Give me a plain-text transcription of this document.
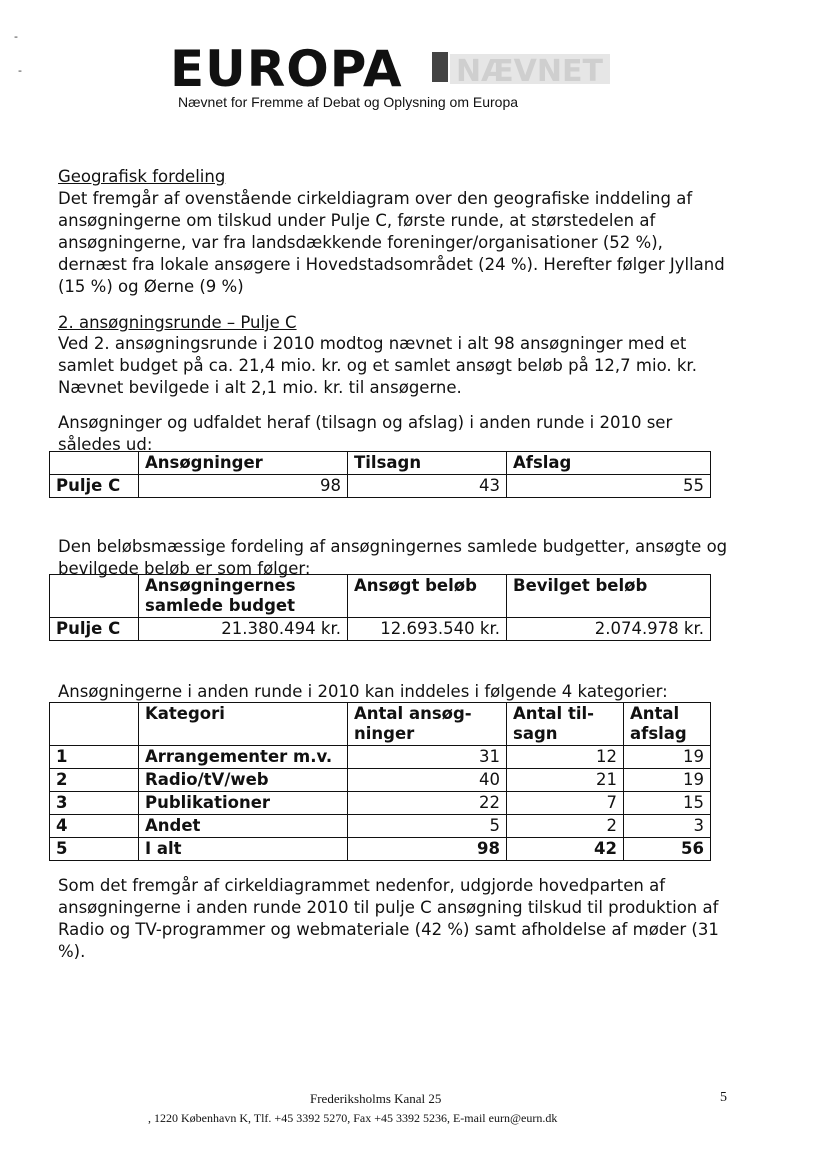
-
-	EUROPA NÆVNET
Nævnet for Fremme af Debat og Oplysning om Europa
Geografisk fordeling
Det fremgår af ovenstående cirkeldiagram over den geografiske inddeling af ansøgningerne om tilskud under Pulje C, første runde, at størstedelen af ansøgningerne, var fra landsdækkende foreninger/organisationer (52 %), dernæst fra lokale ansøgere i Hovedstadsområdet (24 %). Herefter følger Jylland (15 %) og Øerne (9 %)
2. ansøgningsrunde – Pulje C
Ved 2. ansøgningsrunde i 2010 modtog nævnet i alt 98 ansøgninger med et samlet budget på ca. 21,4 mio. kr. og et samlet ansøgt beløb på 12,7 mio. kr. Nævnet bevilgede i alt 2,1 mio. kr. til ansøgerne.
Ansøgninger og udfaldet heraf (tilsagn og afslag) i anden runde i 2010 ser således ud:
	Ansøgninger	Tilsagn	Afslag
Pulje C	98	43	55
Den beløbsmæssige fordeling af ansøgningernes samlede budgetter, ansøgte og bevilgede beløb er som følger:
	Ansøgningernes samlede budget	Ansøgt beløb	Bevilget beløb
Pulje C	21.380.494 kr.	12.693.540 kr.	2.074.978 kr.
Ansøgningerne i anden runde i 2010 kan inddeles i følgende 4 kategorier:
	Kategori	Antal ansøg-ninger	Antal til-sagn	Antal afslag
1	Arrangementer m.v.	31	12	19
2	Radio/tV/web	40	21	19
3	Publikationer	22	7	15
4	Andet	5	2	3
5	I alt	98	42	56
Som det fremgår af cirkeldiagrammet nedenfor, udgjorde hovedparten af ansøgningerne i anden runde 2010 til pulje C ansøgning tilskud til produktion af Radio og TV-programmer og webmateriale (42 %) samt afholdelse af møder (31 %).
Frederiksholms Kanal 25
, 1220 København K, Tlf. +45 3392 5270, Fax +45 3392 5236, E-mail eurn@eurn.dk
5
